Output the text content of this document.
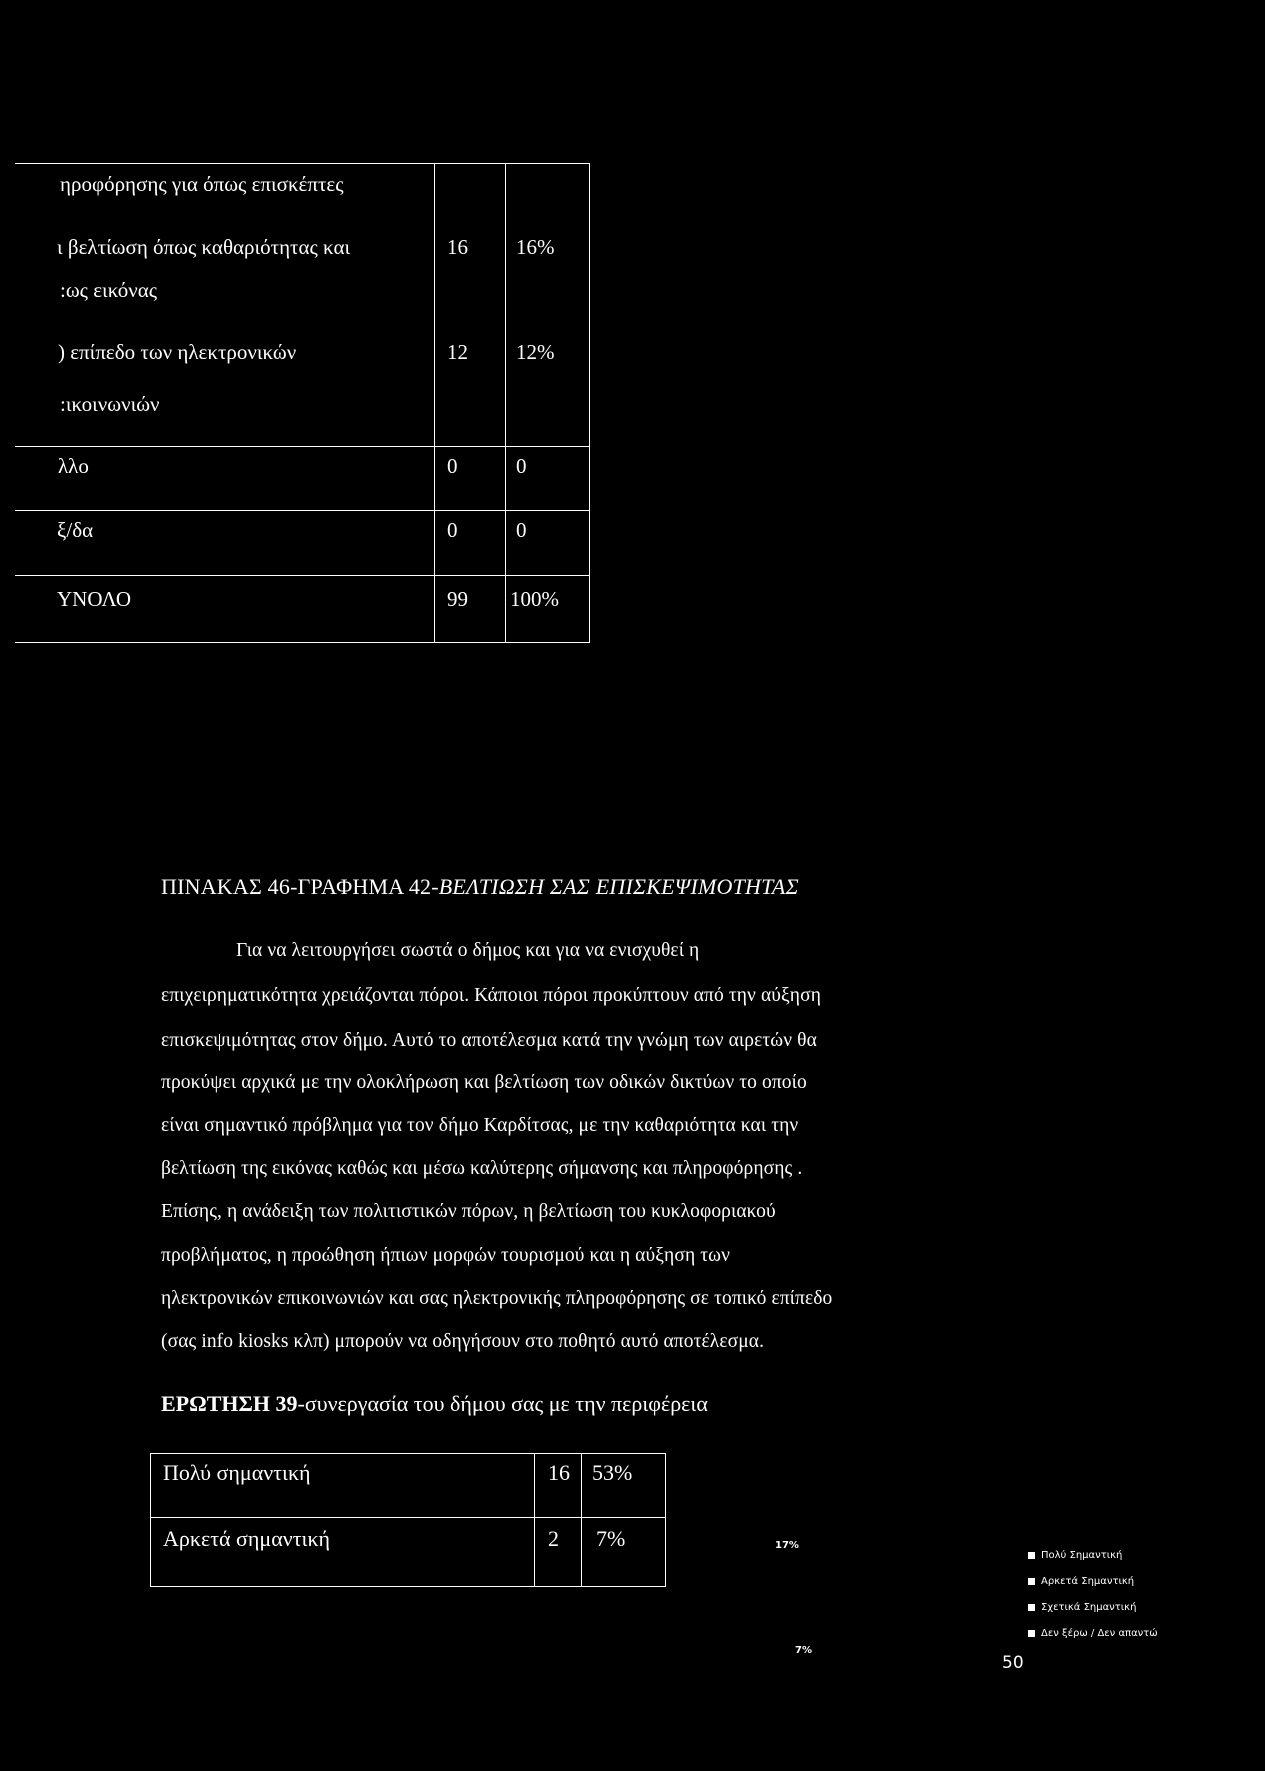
ηροφόρησης για όπως επισκέπτες
ι βελτίωση όπως καθαριότητας και	16 16%
:ως εικόνας
) επίπεδο των ηλεκτρονικών	12 12%
:ικοινωνιών
λλο	0	0
ξ/δα	0	0
ΥΝΟΛΟ	99 100%
ΠΙΝΑΚΑΣ 46-ΓΡΑΦΗΜΑ 42-ΒΕΛΤΙΩΣΗ ΣΑΣ ΕΠΙΣΚΕΨΙΜΟΤΗΤΑΣ
Για να λειτουργήσει σωστά ο δήμος και για να ενισχυθεί η
επιχειρηματικότητα χρειάζονται πόροι. Κάποιοι πόροι προκύπτουν από την αύξηση
επισκεψιμότητας στον δήμο. Αυτό το αποτέλεσμα κατά την γνώμη των αιρετών θα
προκύψει αρχικά με την ολοκλήρωση και βελτίωση των οδικών δικτύων το οποίο
είναι σημαντικό πρόβλημα για τον δήμο Καρδίτσας, με την καθαριότητα και την
βελτίωση της εικόνας καθώς και μέσω καλύτερης σήμανσης και πληροφόρησης .
Επίσης, η ανάδειξη των πολιτιστικών πόρων, η βελτίωση του κυκλοφοριακού
προβλήματος, η προώθηση ήπιων μορφών τουρισμού και η αύξηση των
ηλεκτρονικών επικοινωνιών και σας ηλεκτρονικής πληροφόρησης σε τοπικό επίπεδο
(σας info kiosks κλπ) μπορούν να οδηγήσουν στο ποθητό αυτό αποτέλεσμα.
ΕΡΩΤΗΣΗ 39-συνεργασία του δήμου σας με την περιφέρεια
Πολύ σημαντική	16 53%
Αρκετά σημαντική	2 7%	17%
7%
Πολύ Σημαντική
Αρκετά Σημαντική
Σχετικά Σημαντική
Δεν ξέρω / Δεν απαντώ
50
